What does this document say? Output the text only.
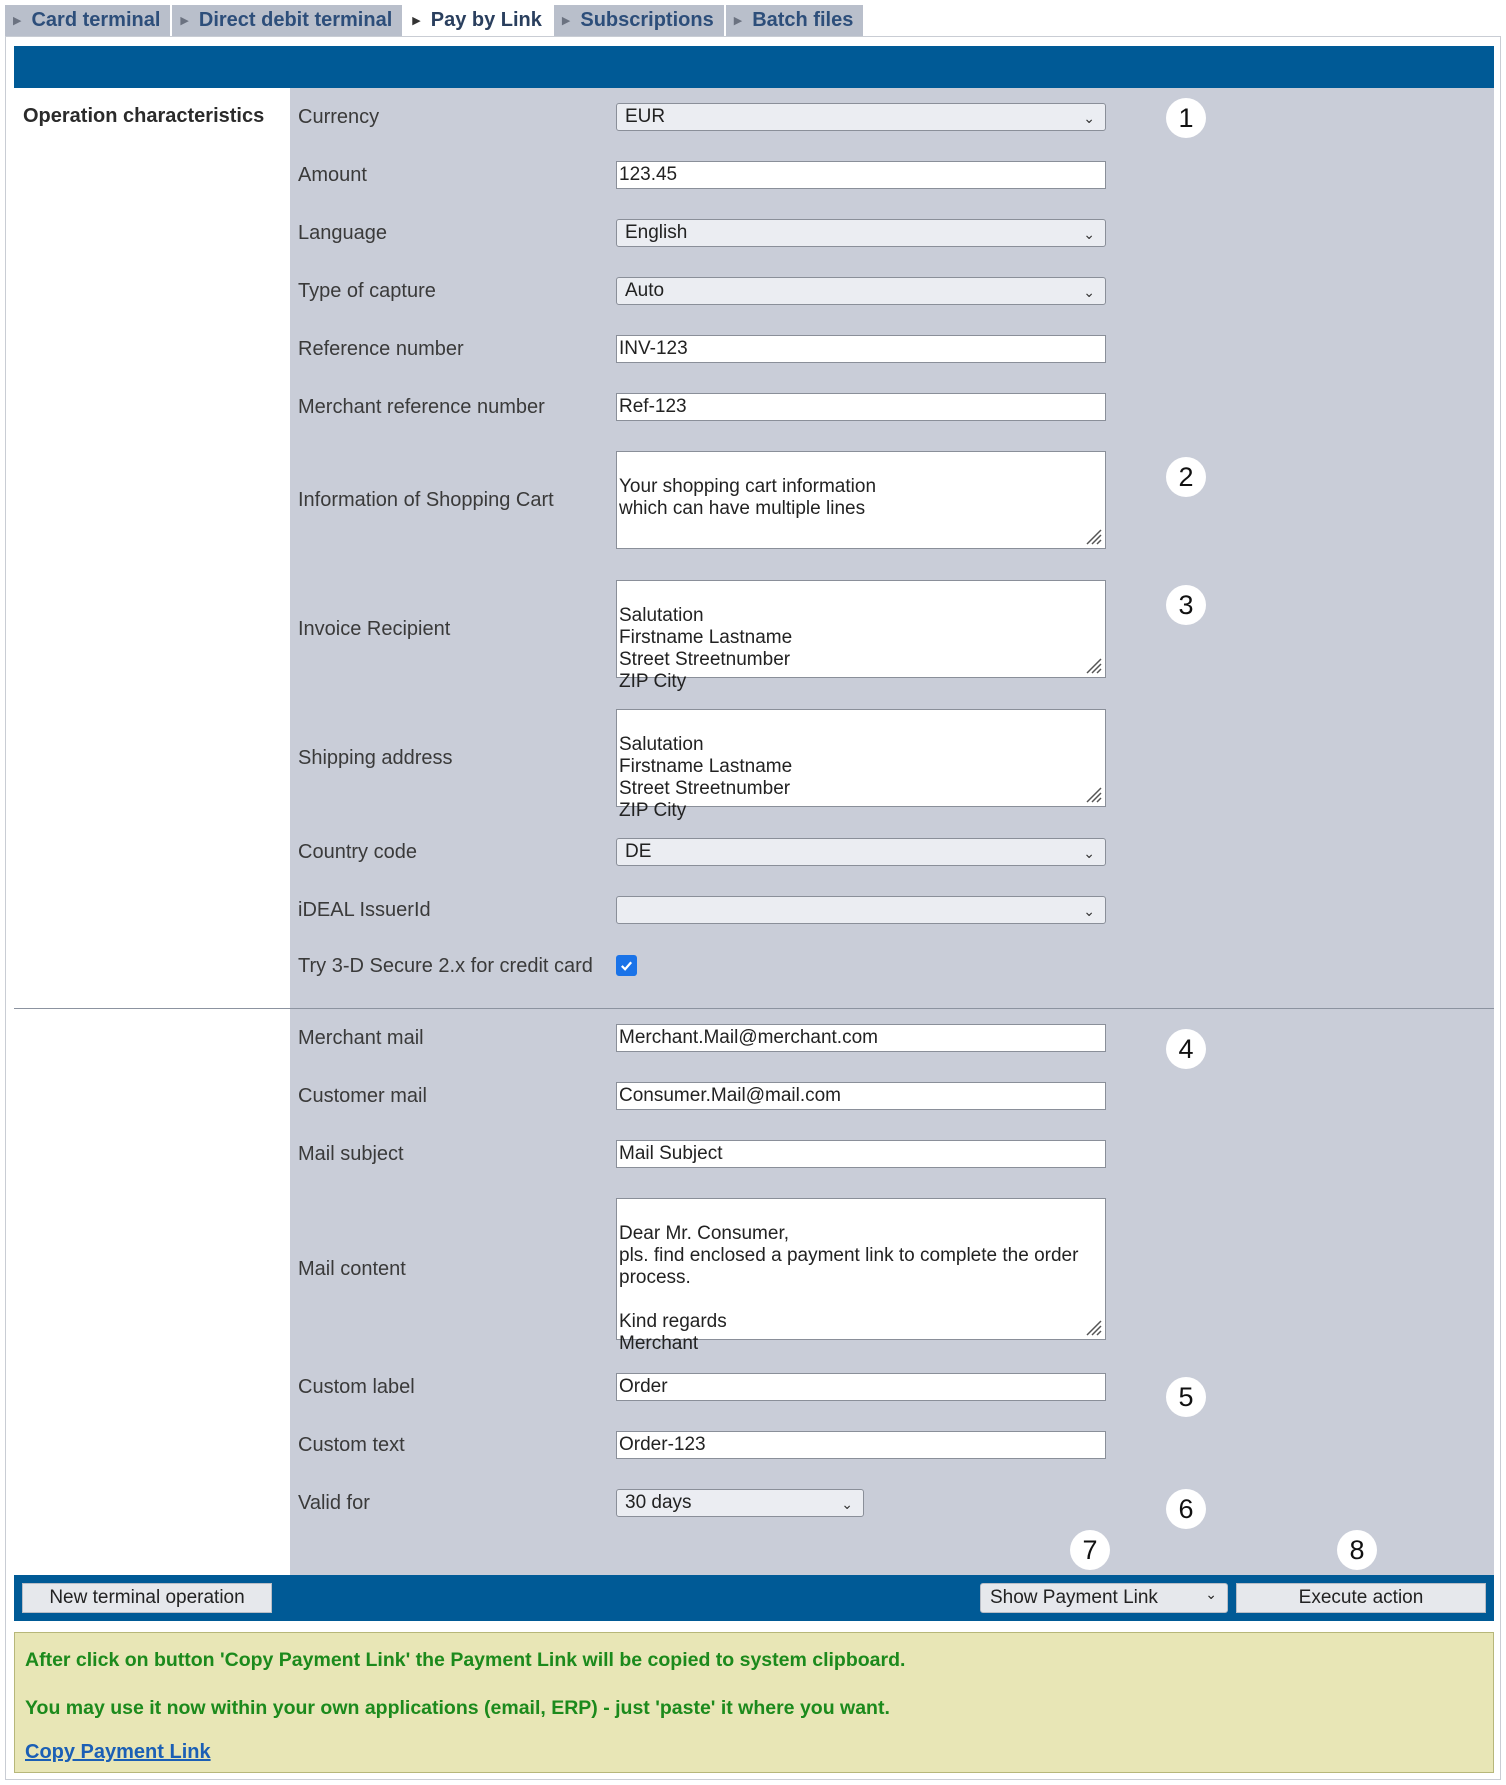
▶ Card terminal ▶ Direct debit terminal ▶ Pay by Link ▶ Subscriptions ▶ Batch files
Operation characteristics Currency	EUR	⌄
Amount	123.45
Language	English	⌄
Type of capture	Auto	⌄
Reference number	INV-123
Merchant reference number	Ref-123
Information of Shopping Cart

Your shopping cart information
which can have multiple lines

Invoice Recipient

Salutation
Firstname Lastname
Street Streetnumber
ZIP City

Shipping address

Salutation
Firstname Lastname
Street Streetnumber
ZIP City

Country code	DE	⌄
iDEAL IssuerId	⌄
Try 3-D Secure 2.x for credit card
Merchant mail	Merchant.Mail@merchant.com
Customer mail	Consumer.Mail@mail.com
Mail subject	Mail Subject
Mail content

Dear Mr. Consumer,
pls. find enclosed a payment link to complete the order process.

Kind regards
Merchant

Custom label	Order
Custom text	Order-123
Valid for	30 days	⌄
1
2
3
4
5
6
7	8
New terminal operation	Show Payment Link	⌄	Execute action
After click on button 'Copy Payment Link' the Payment Link will be copied to system clipboard.
You may use it now within your own applications (email, ERP) - just 'paste' it where you want.
Copy Payment Link
